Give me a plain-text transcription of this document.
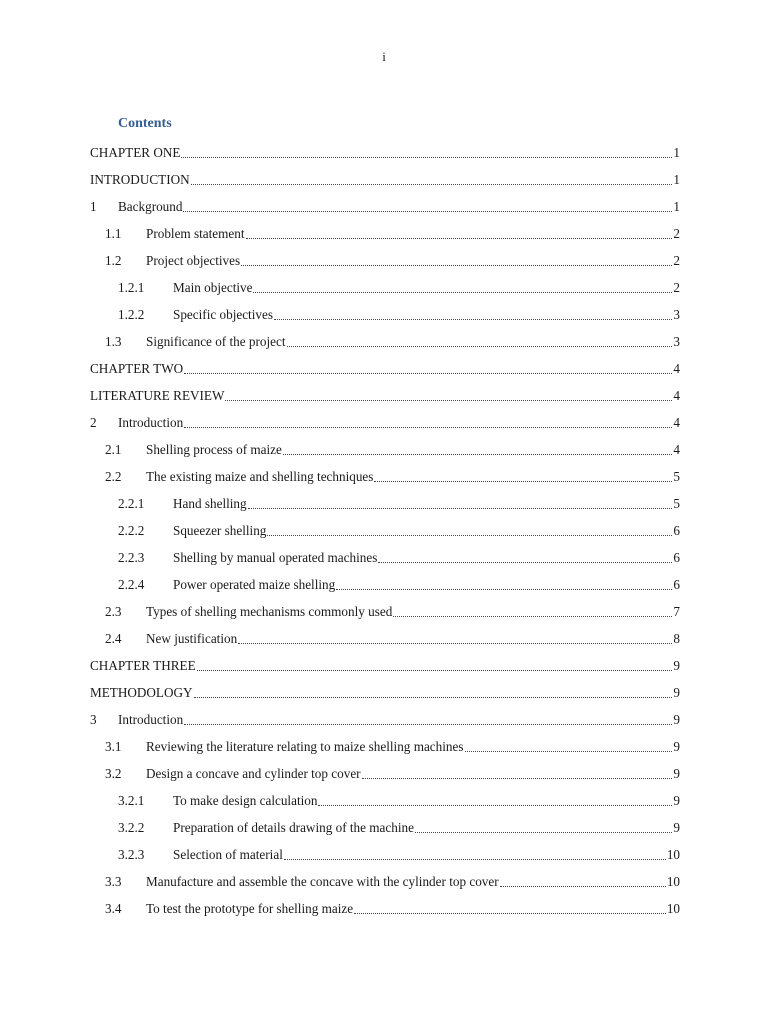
i
Contents
CHAPTER ONE	1
INTRODUCTION	1
1	Background	1
1.1	Problem statement	2
1.2	Project objectives	2
1.2.1	Main objective	2
1.2.2	Specific objectives	3
1.3	Significance of the project	3
CHAPTER TWO	4
LITERATURE REVIEW	4
2	Introduction	4
2.1	Shelling process of maize	4
2.2	The existing maize and shelling techniques	5
2.2.1	Hand shelling	5
2.2.2	Squeezer shelling	6
2.2.3	Shelling by manual operated machines	6
2.2.4	Power operated maize shelling	6
2.3	Types of shelling mechanisms commonly used	7
2.4	New justification	8
CHAPTER THREE	9
METHODOLOGY	9
3	Introduction	9
3.1	Reviewing the literature relating to maize shelling machines	9
3.2	Design a concave and cylinder top cover	9
3.2.1	To make design calculation	9
3.2.2	Preparation of details drawing of the machine	9
3.2.3	Selection of material	10
3.3	Manufacture and assemble the concave with the cylinder top cover	10
3.4	To test the prototype for shelling maize	10
